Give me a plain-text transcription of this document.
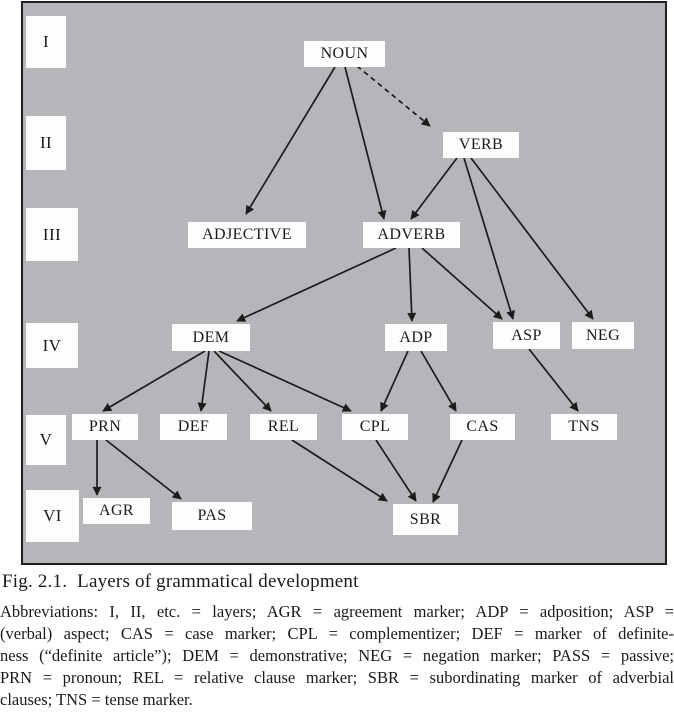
I
II
III
IV
V
VI
NOUN
VERB
ADJECTIVE	ADVERB
DEM	ADP	ASP	NEG
PRN	DEF	REL	CPL	CAS	TNS
AGR	PAS	SBR
Fig. 2.1. Layers of grammatical development
Abbreviations: I, II, etc. = layers; AGR = agreement marker; ADP = adposition; ASP =
(verbal) aspect; CAS = case marker; CPL = complementizer; DEF = marker of definite-
ness (“definite article”); DEM = demonstrative; NEG = negation marker; PASS = passive;
PRN = pronoun; REL = relative clause marker; SBR = subordinating marker of adverbial
clauses; TNS = tense marker.
